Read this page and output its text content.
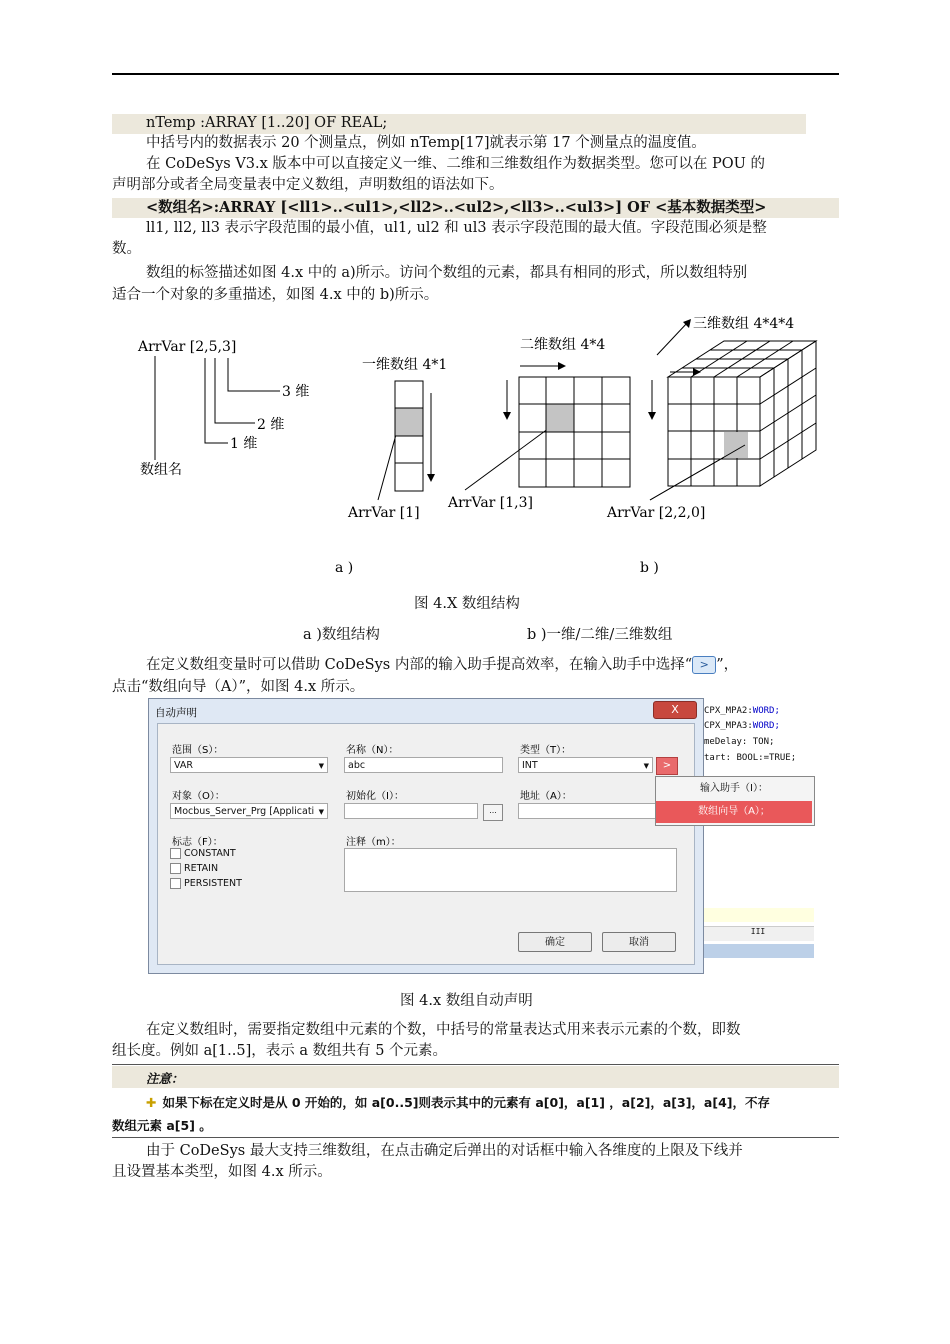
nTemp :ARRAY [1..20] OF REAL;
中括号内的数据表示 20 个测量点，例如 nTemp[17]就表示第 17 个测量点的温度值。
在 CoDeSys V3.x 版本中可以直接定义一维、二维和三维数组作为数据类型。您可以在 POU 的
声明部分或者全局变量表中定义数组，声明数组的语法如下。
<数组名>:ARRAY [<ll1>..<ul1>,<ll2>..<ul2>,<ll3>..<ul3>] OF <基本数据类型>
ll1, ll2, ll3 表示字段范围的最小值，ul1, ul2 和 ul3 表示字段范围的最大值。字段范围必须是整
数。
数组的标签描述如图 4.x 中的 a)所示。访问个数组的元素，都具有相同的形式，所以数组特别
适合一个对象的多重描述，如图 4.x 中的 b)所示。
ArrVar [2,5,3]
3 维
2 维
1 维
数组名
一维数组 4*1
二维数组 4*4
三维数组 4*4*4
ArrVar [1]
ArrVar [1,3]
ArrVar [2,2,0]
a )	b )
图 4.X 数组结构
a )数组结构	b )一维/二维/三维数组
在定义数组变量时可以借助 CoDeSys 内部的输入助手提高效率，在输入助手中选择“ > ”，
点击“数组向导（A）”，如图 4.x 所示。
CPX_MPA2:WORD;
CPX_MPA3:WORD;
meDelay: TON;
tart: BOOL:=TRUE;
III
自动声明	X
范围（S）：
VAR ▼
名称（N）：
abc
类型（T）：
INT ▼	>
对象（O）：
Mocbus_Server_Prg [Applicati ▼
初始化（I）：
...
地址（A）：
标志（F）：
CONSTANT
RETAIN
PERSISTENT
注释（m）：
确定	取消
输入助手（I）：
数组向导（A）；
图 4.x 数组自动声明
在定义数组时，需要指定数组中元素的个数，中括号的常量表达式用来表示元素的个数，即数
组长度。例如 a[1..5]，表示 a 数组共有 5 个元素。
注意：
✚ 如果下标在定义时是从 0 开始的，如 a[0..5]则表示其中的元素有 a[0]，a[1] ，a[2]，a[3]，a[4]，不存
数组元素 a[5] 。
由于 CoDeSys 最大支持三维数组，在点击确定后弹出的对话框中输入各维度的上限及下线并
且设置基本类型，如图 4.x 所示。
